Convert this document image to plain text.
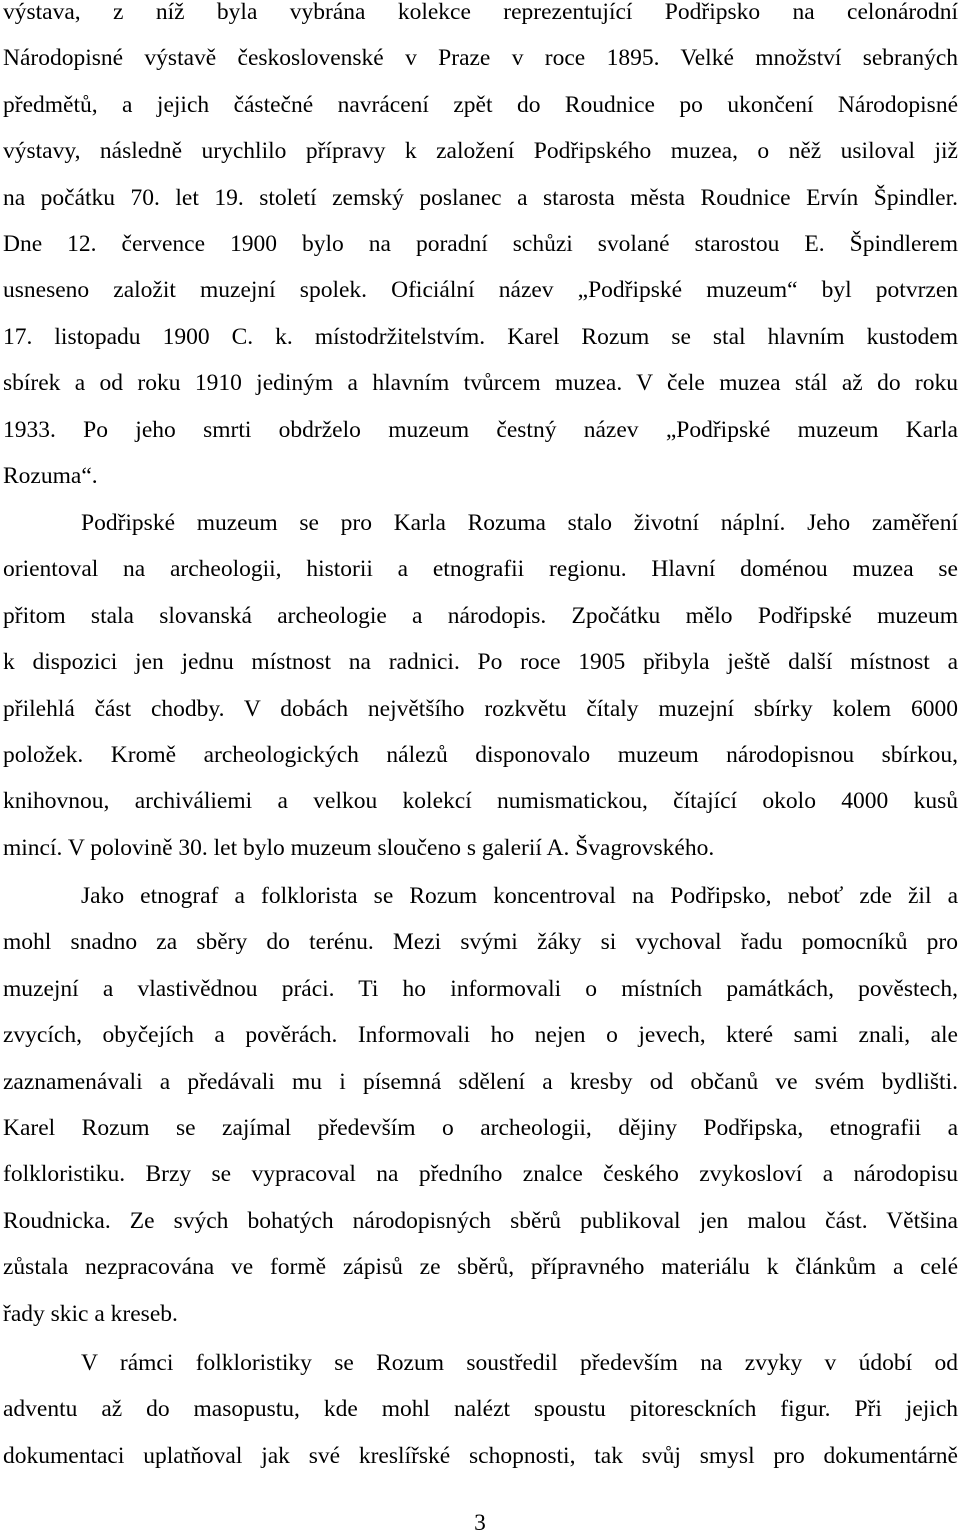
výstava, z níž byla vybrána kolekce reprezentující Podřipsko na celonárodní
Národopisné výstavě československé v Praze v roce 1895. Velké množství sebraných
předmětů, a jejich částečné navrácení zpět do Roudnice po ukončení Národopisné
výstavy, následně urychlilo přípravy k založení Podřipského muzea, o něž usiloval již
na počátku 70. let 19. století zemský poslanec a starosta města Roudnice Ervín Špindler.
Dne 12. července 1900 bylo na poradní schůzi svolané starostou E. Špindlerem
usneseno založit muzejní spolek. Oficiální název „Podřipské muzeum“ byl potvrzen
17. listopadu 1900 C. k. místodržitelstvím. Karel Rozum se stal hlavním kustodem
sbírek a od roku 1910 jediným a hlavním tvůrcem muzea. V čele muzea stál až do roku
1933. Po jeho smrti obdrželo muzeum čestný název „Podřipské muzeum Karla
Rozuma“.
Podřipské muzeum se pro Karla Rozuma stalo životní náplní. Jeho zaměření
orientoval na archeologii, historii a etnografii regionu. Hlavní doménou muzea se
přitom stala slovanská archeologie a národopis. Zpočátku mělo Podřipské muzeum
k dispozici jen jednu místnost na radnici. Po roce 1905 přibyla ještě další místnost a
přilehlá část chodby. V dobách největšího rozkvětu čítaly muzejní sbírky kolem 6000
položek. Kromě archeologických nálezů disponovalo muzeum národopisnou sbírkou,
knihovnou, archiváliemi a velkou kolekcí numismatickou, čítající okolo 4000 kusů
mincí. V polovině 30. let bylo muzeum sloučeno s galerií A. Švagrovského.
Jako etnograf a folklorista se Rozum koncentroval na Podřipsko, neboť zde žil a
mohl snadno za sběry do terénu. Mezi svými žáky si vychoval řadu pomocníků pro
muzejní a vlastivědnou práci. Ti ho informovali o místních památkách, pověstech,
zvycích, obyčejích a pověrách. Informovali ho nejen o jevech, které sami znali, ale
zaznamenávali a předávali mu i písemná sdělení a kresby od občanů ve svém bydlišti.
Karel Rozum se zajímal především o archeologii, dějiny Podřipska, etnografii a
folkloristiku. Brzy se vypracoval na předního znalce českého zvykosloví a národopisu
Roudnicka. Ze svých bohatých národopisných sběrů publikoval jen malou část. Většina
zůstala nezpracována ve formě zápisů ze sběrů, přípravného materiálu k článkům a celé
řady skic a kreseb.
V rámci folkloristiky se Rozum soustředil především na zvyky v údobí od
adventu až do masopustu, kde mohl nalézt spoustu pitoresckních figur. Při jejich
dokumentaci uplatňoval jak své kreslířské schopnosti, tak svůj smysl pro dokumentárně
3
